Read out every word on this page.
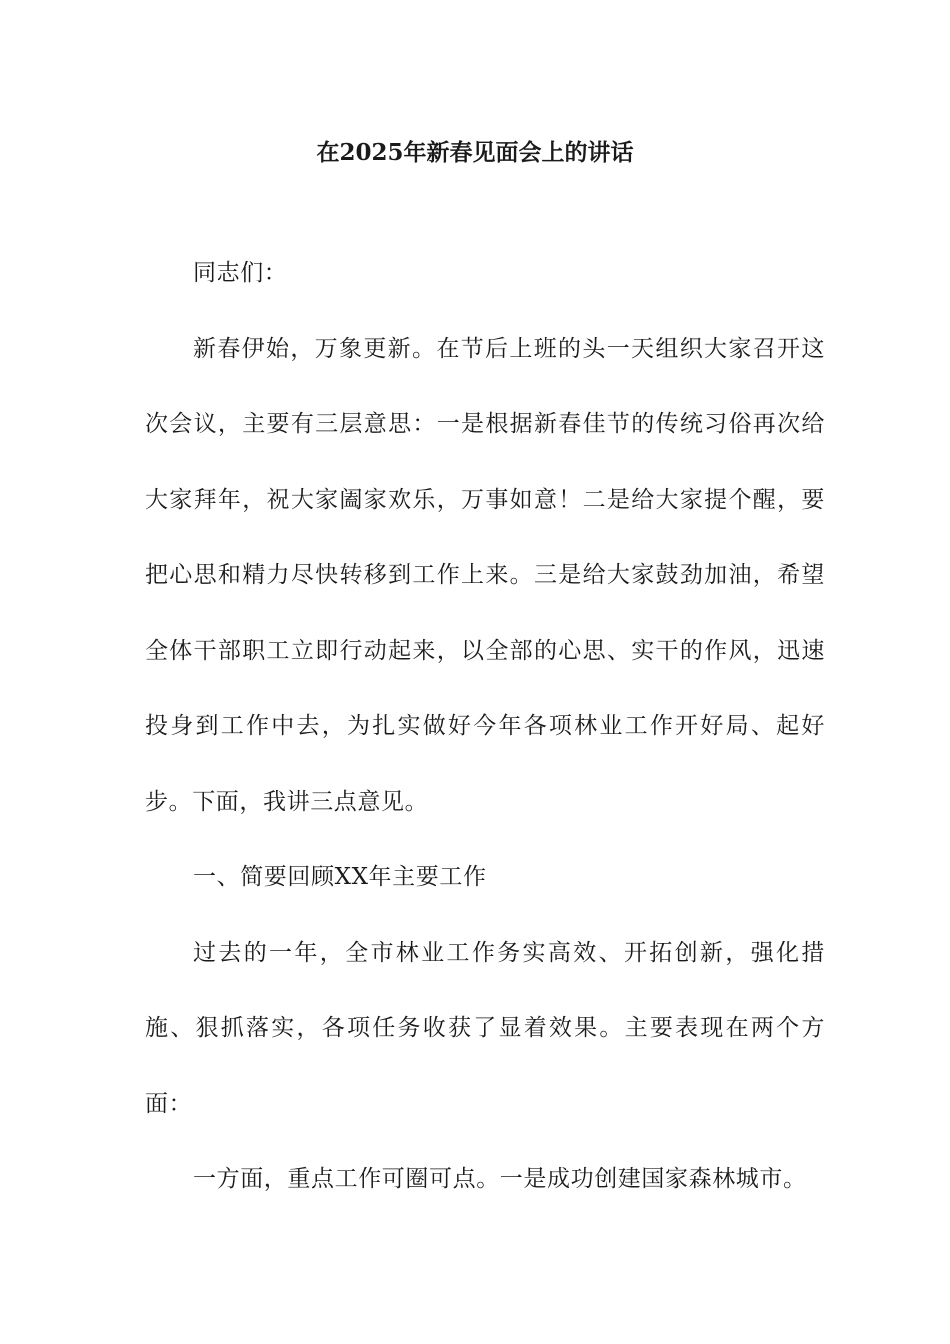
在2025年新春见面会上的讲话

同志们：

新春伊始，万象更新。在节后上班的头一天组织大家召开这次会议，主要有三层意思：一是根据新春佳节的传统习俗再次给大家拜年，祝大家阖家欢乐，万事如意！二是给大家提个醒，要把心思和精力尽快转移到工作上来。三是给大家鼓劲加油，希望全体干部职工立即行动起来，以全部的心思、实干的作风，迅速投身到工作中去，为扎实做好今年各项林业工作开好局、起好步。下面，我讲三点意见。

一、简要回顾XX年主要工作

过去的一年，全市林业工作务实高效、开拓创新，强化措施、狠抓落实，各项任务收获了显着效果。主要表现在两个方面：

一方面，重点工作可圈可点。一是成功创建国家森林城市。
